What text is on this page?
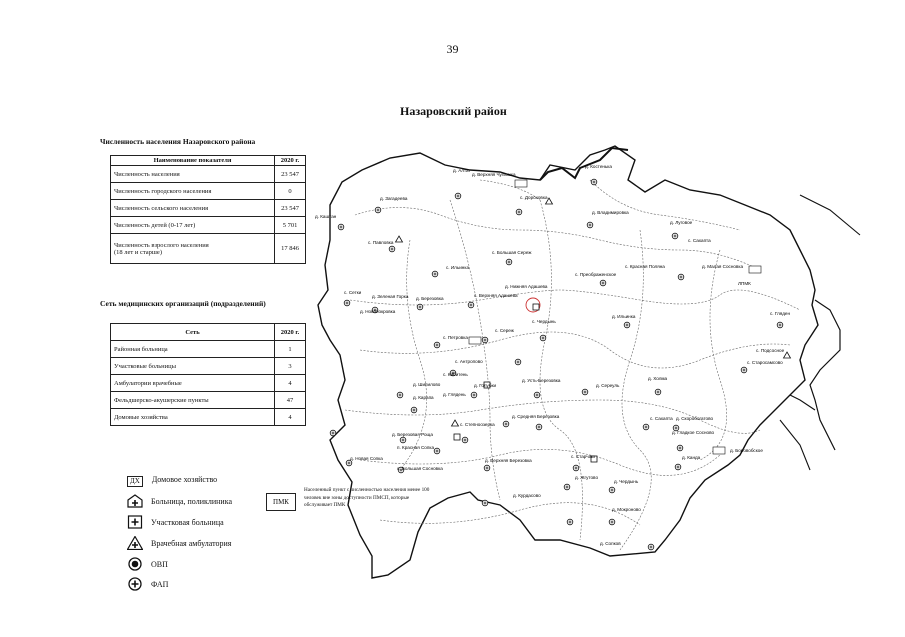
39
Назаровский район
Численность населения Назаровского района
Наименование показателя	2020 г.
Численность населения	23 547
Численность городского населения	0
Численность сельского населения	23 547
Численность детей (0-17 лет)	5 701
Численность взрослого населения
(18 лет и старше)	17 846
Сеть медицинских организаций (подразделений)
Сеть	2020 г.
Районная больница	1
Участковые больницы	3
Амбулатории врачебные	4
Фельдшерско-акушерские пункты	47
Домовые хозяйства	4
ДХ Домовое хозяйство
Больница, поликлиника
Участковая больница
Врачебная амбулатория
ОВП
ФАП
ПМК
Населенный пункт с численностью населения менее 100 человек вне зоны доступности ПМСП, которые обслуживает ПМК
д. Алтат
д. Верхняя Чулымка
д. Загадеева
д. Каштан
с. Павловка
с. Дороховка
д. Костенька
д. Владимировка
д. Луговое
с. Большая Сереж
с. Сахапта
с. Ильинка
с. Преображенское
д. Нижняя Адашева
с. Верхняя Адашева
с. Красная Поляна	д. Малая Сосновка
ЛПМК
с. Сетки
д. Зеленая Горка д. Березовка
д. Новопокровка
д. Ильинка
с. Гляден
с. Петровка
с. Сереж
с. Чердынь
с. Антропово
с. Кибитень
д. Голубки
д. Усть-Березовка
д. Сереуль
д. Холма
д. Шипилово
д. Глядень
д. Карапа
с. Степноозерка
д. Средняя Березовка	с. Сахапта д. Скоробогатово
д. Березовая Роща
п. Красная Сопка
д. Верхняя Березовка
с. Старчаш
д. Новая Сопка
с. Большая Сосновка
д. Жгутово
д. Чердынь
д. Канда
д. Мокроново
д. Курдасово
д. Сопков
с. Подсосное
с. Старосамсово
д. Гладкое Сосново
д. Боровобское
